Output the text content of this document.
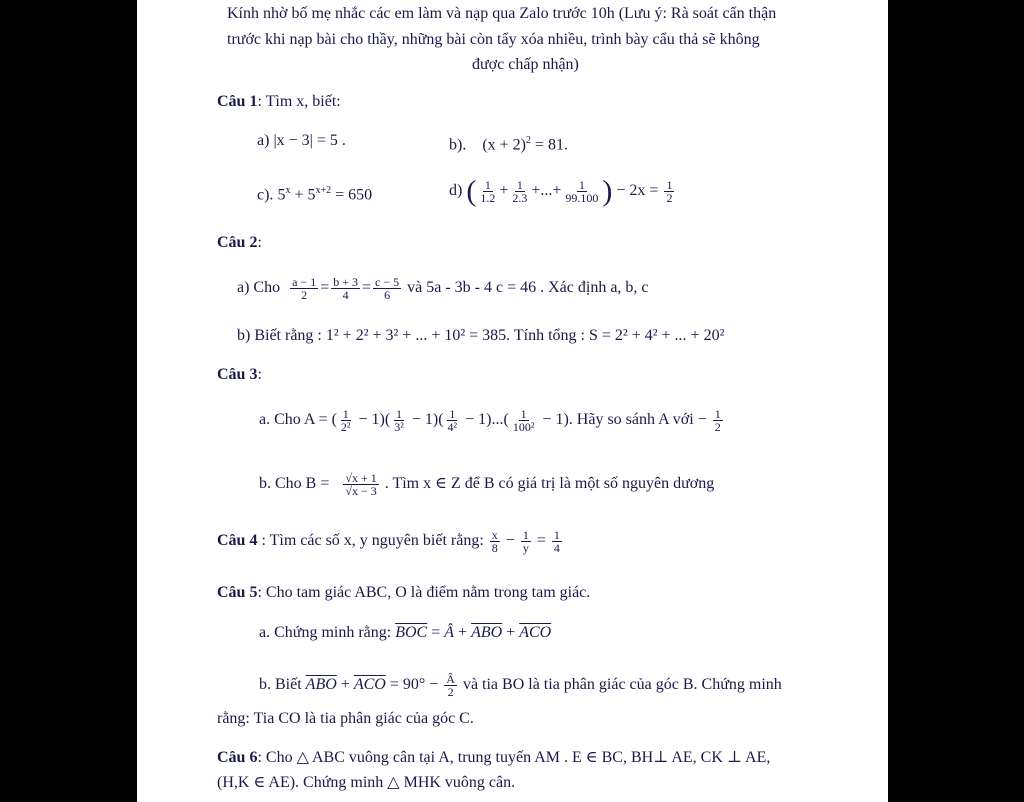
Kính nhờ bố mẹ nhắc các em làm và nạp qua Zalo trước 10h (Lưu ý: Rà soát cẩn thận
trước khi nạp bài cho thầy, những bài còn tẩy xóa nhiều, trình bày cẩu thả sẽ không
được chấp nhận)
Câu 1: Tìm x, biết:
a) |x − 3| = 5 .	b). $(x + 2)^2 = 81$.
c). $5^x + 5^{x+2} = 650$	d) ( $\frac{1}{1.2} + \frac{1}{2.3}$ +...+ $\frac{1}{99.100}$ ) − $2x = \frac{1}{2}$
Câu 2:
a) Cho $\frac{a - 1}{2} = \frac{b + 3}{4} = \frac{c - 5}{6}$ và 5a - 3b - 4 c = 46 . Xác định a, b, c
b) Biết rằng : 1² + 2² + 3² + ... + 10² = 385. Tính tổng : S = 2² + 4² + ... + 20²
Câu 3:
a. Cho A = ( $\frac{1}{\text{2²}} - 1)( \frac{1}{\text{3²}} - 1)( \frac{1}{\text{4²}} - 1)...( \frac{1}{\text{100²}} - 1)$. Hãy so sánh A với − $\frac{1}{2}$
b. Cho $B = \frac{√x + 1}{√x - 3}$ . Tìm x ∈ Z để B có giá trị là một số nguyên dương
Câu 4 : Tìm các số x, y nguyên biết rằng: $\frac{x}{8} - \frac{1}{y} = \frac{1}{4}$
Câu 5: Cho tam giác ABC, O là điểm nằm trong tam giác.
a. Chứng minh rằng: $\overline{BOC}$ = Â + $\overline{ABO} + \overline{ACO}$
b. Biết $\overline{ABO} + \overline{ACO} = 90^\circ - \frac{Â}{2}$ và tia BO là tia phân giác của góc B. Chứng minh
rằng: Tia CO là tia phân giác của góc C.
Câu 6: Cho △ ABC vuông cân tại A, trung tuyến AM . E ∈ BC, BH⊥ AE, CK ⊥ AE,
(H,K ∈ AE). Chứng minh △ MHK vuông cân.
